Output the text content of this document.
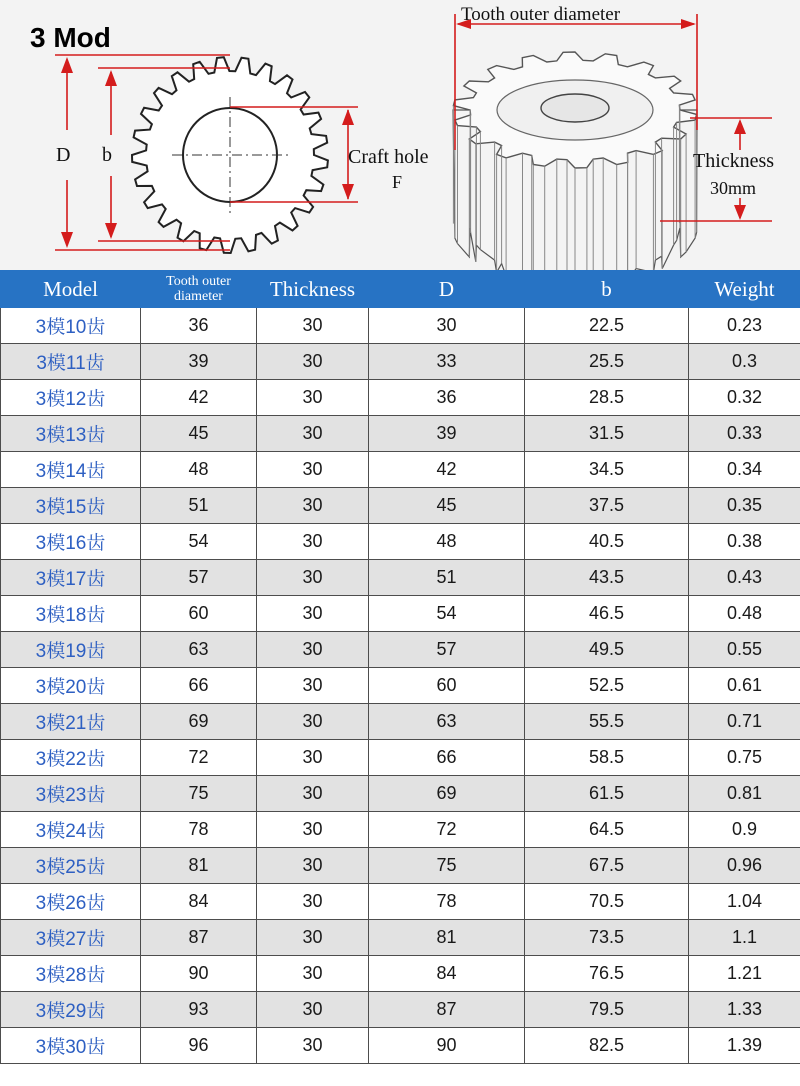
3 Mod
D b	Craft hole
F
Tooth outer diameter
Thickness
30mm
Model	Tooth outer diameter	Thickness	D	b	Weight
3模10齿	36	30	30	22.5	0.23
3模11齿	39	30	33	25.5	0.3
3模12齿	42	30	36	28.5	0.32
3模13齿	45	30	39	31.5	0.33
3模14齿	48	30	42	34.5	0.34
3模15齿	51	30	45	37.5	0.35
3模16齿	54	30	48	40.5	0.38
3模17齿	57	30	51	43.5	0.43
3模18齿	60	30	54	46.5	0.48
3模19齿	63	30	57	49.5	0.55
3模20齿	66	30	60	52.5	0.61
3模21齿	69	30	63	55.5	0.71
3模22齿	72	30	66	58.5	0.75
3模23齿	75	30	69	61.5	0.81
3模24齿	78	30	72	64.5	0.9
3模25齿	81	30	75	67.5	0.96
3模26齿	84	30	78	70.5	1.04
3模27齿	87	30	81	73.5	1.1
3模28齿	90	30	84	76.5	1.21
3模29齿	93	30	87	79.5	1.33
3模30齿	96	30	90	82.5	1.39
